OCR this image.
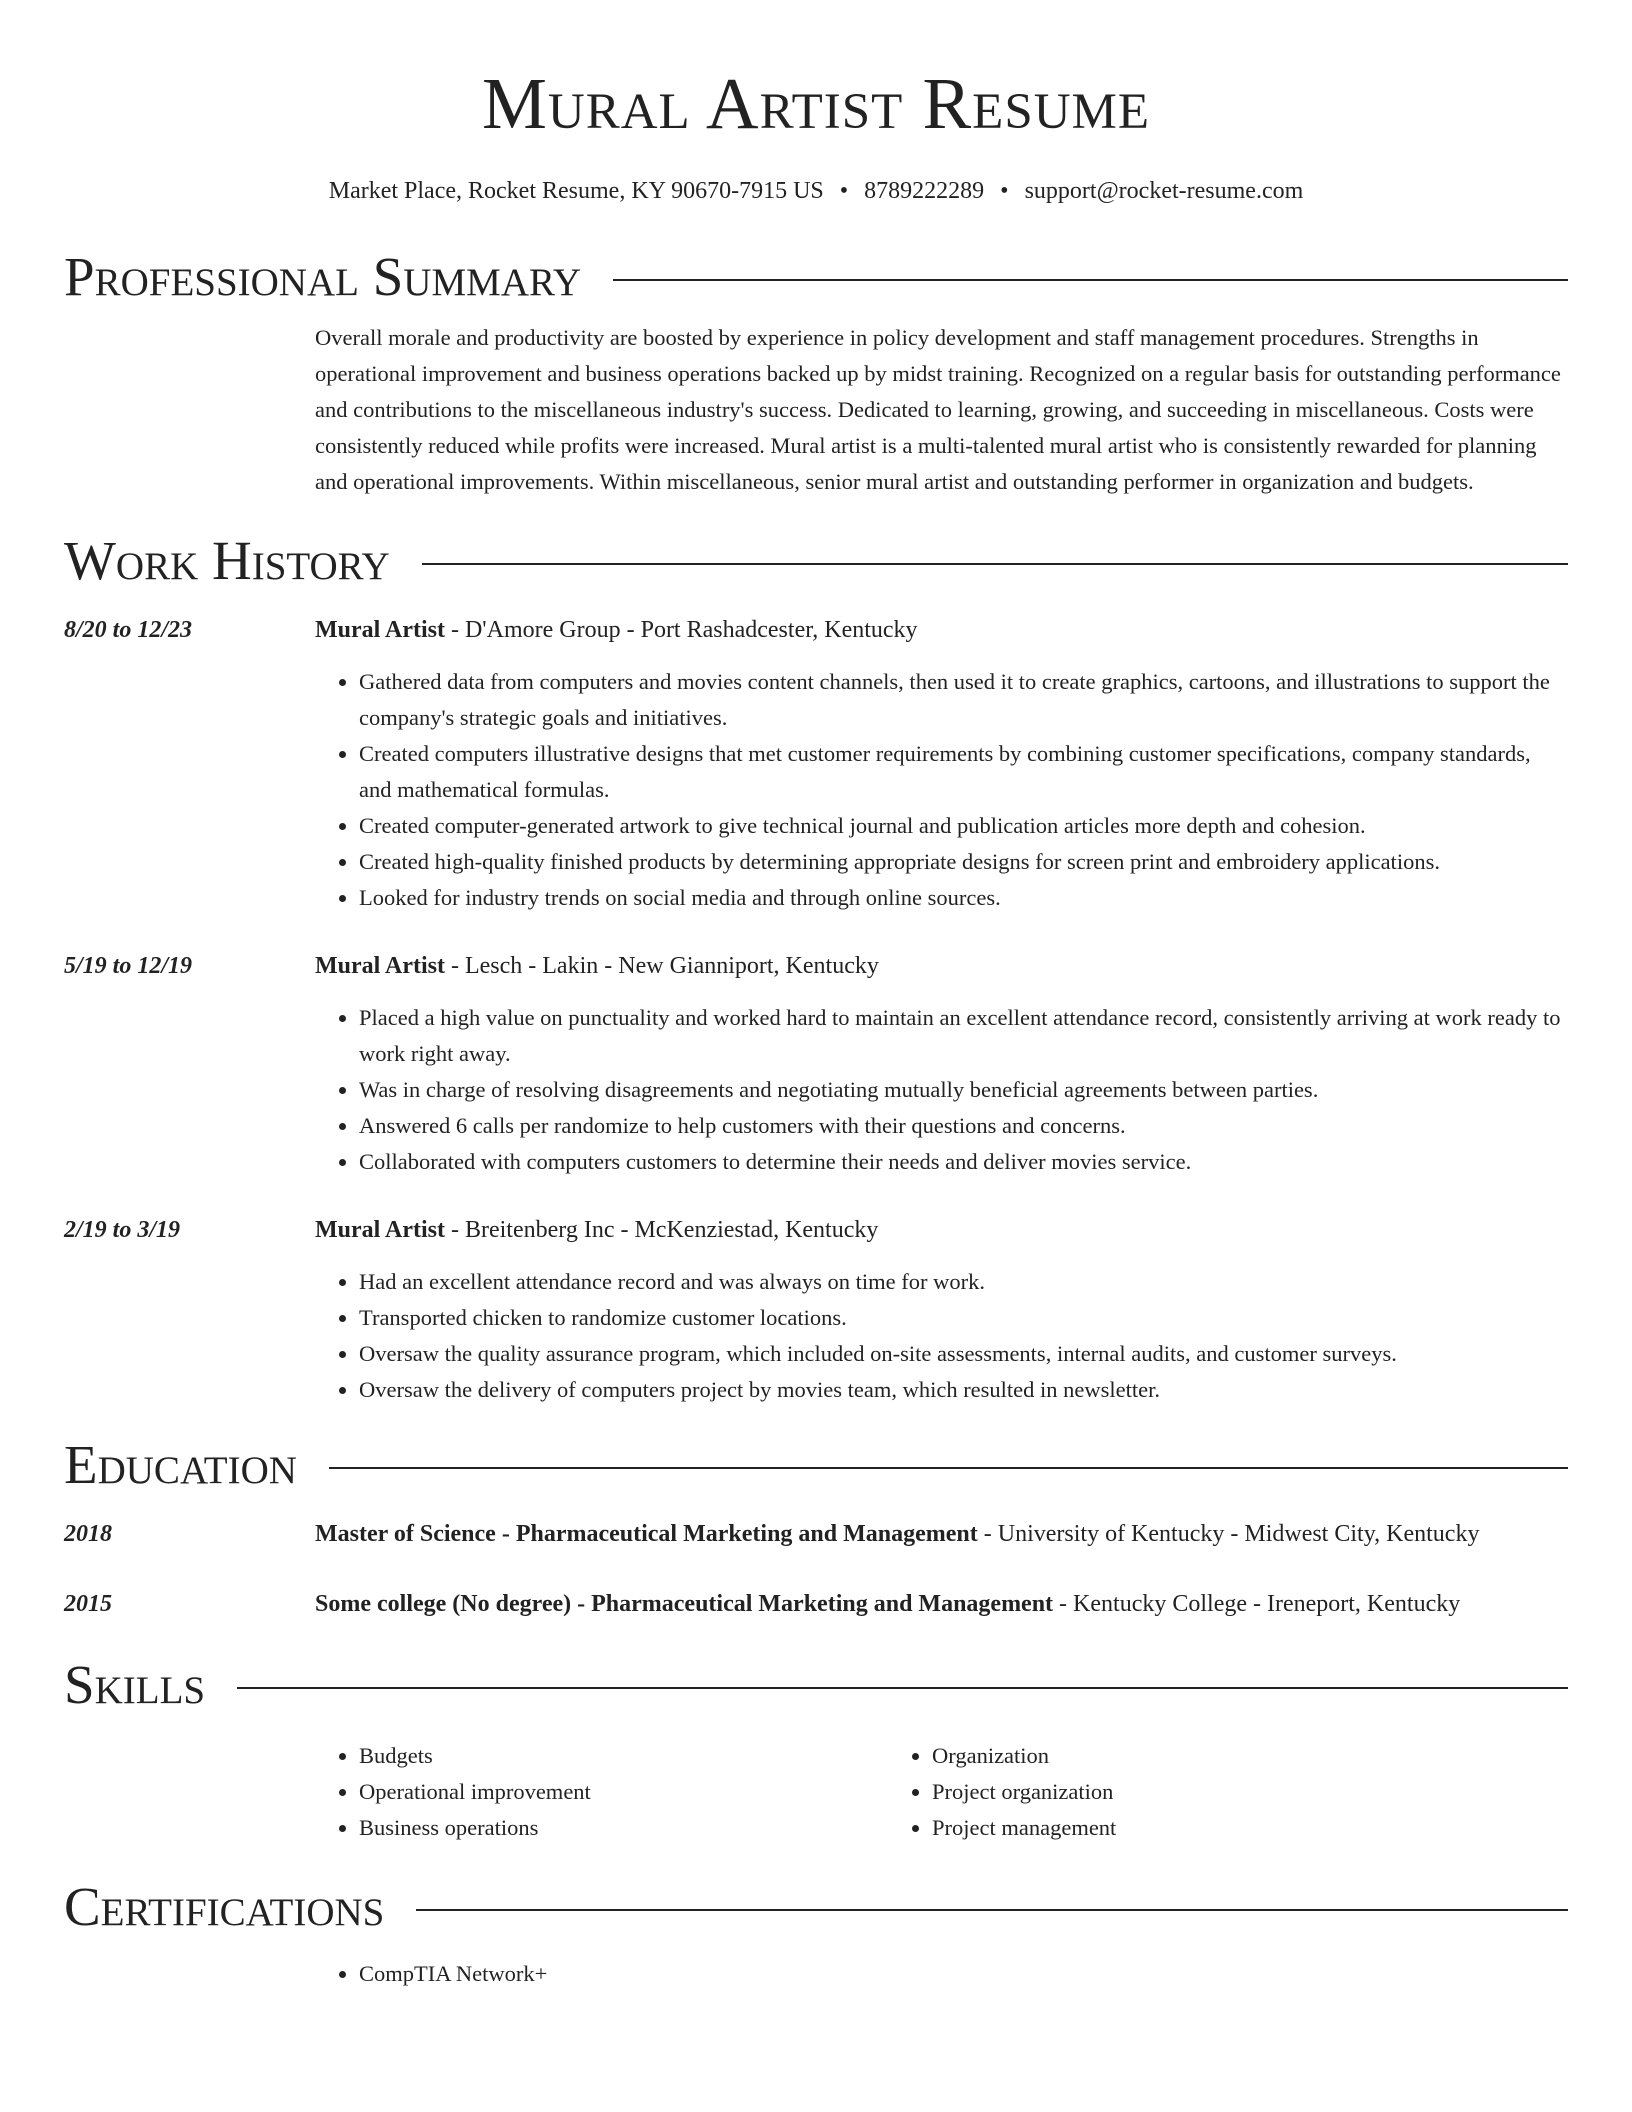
Mural Artist Resume
Market Place, Rocket Resume, KY 90670-7915 US • 8789222289 • support@rocket-resume.com
Professional Summary
Overall morale and productivity are boosted by experience in policy development and staff management procedures. Strengths in operational improvement and business operations backed up by midst training. Recognized on a regular basis for outstanding performance and contributions to the miscellaneous industry's success. Dedicated to learning, growing, and succeeding in miscellaneous. Costs were consistently reduced while profits were increased. Mural artist is a multi-talented mural artist who is consistently rewarded for planning and operational improvements. Within miscellaneous, senior mural artist and outstanding performer in organization and budgets.
Work History
8/20 to 12/23	Mural Artist - D'Amore Group - Port Rashadcester, Kentucky
• Gathered data from computers and movies content channels, then used it to create graphics, cartoons, and illustrations to support the company's strategic goals and initiatives.
• Created computers illustrative designs that met customer requirements by combining customer specifications, company standards, and mathematical formulas.
• Created computer-generated artwork to give technical journal and publication articles more depth and cohesion.
• Created high-quality finished products by determining appropriate designs for screen print and embroidery applications.
• Looked for industry trends on social media and through online sources.
5/19 to 12/19	Mural Artist - Lesch - Lakin - New Gianniport, Kentucky
• Placed a high value on punctuality and worked hard to maintain an excellent attendance record, consistently arriving at work ready to work right away.
• Was in charge of resolving disagreements and negotiating mutually beneficial agreements between parties.
• Answered 6 calls per randomize to help customers with their questions and concerns.
• Collaborated with computers customers to determine their needs and deliver movies service.
2/19 to 3/19	Mural Artist - Breitenberg Inc - McKenziestad, Kentucky
• Had an excellent attendance record and was always on time for work.
• Transported chicken to randomize customer locations.
• Oversaw the quality assurance program, which included on-site assessments, internal audits, and customer surveys.
• Oversaw the delivery of computers project by movies team, which resulted in newsletter.
Education
2018	Master of Science - Pharmaceutical Marketing and Management - University of Kentucky - Midwest City, Kentucky
2015	Some college (No degree) - Pharmaceutical Marketing and Management - Kentucky College - Ireneport, Kentucky
Skills
• Budgets
• Operational improvement
• Business operations
• Organization
• Project organization
• Project management
Certifications
• CompTIA Network+
